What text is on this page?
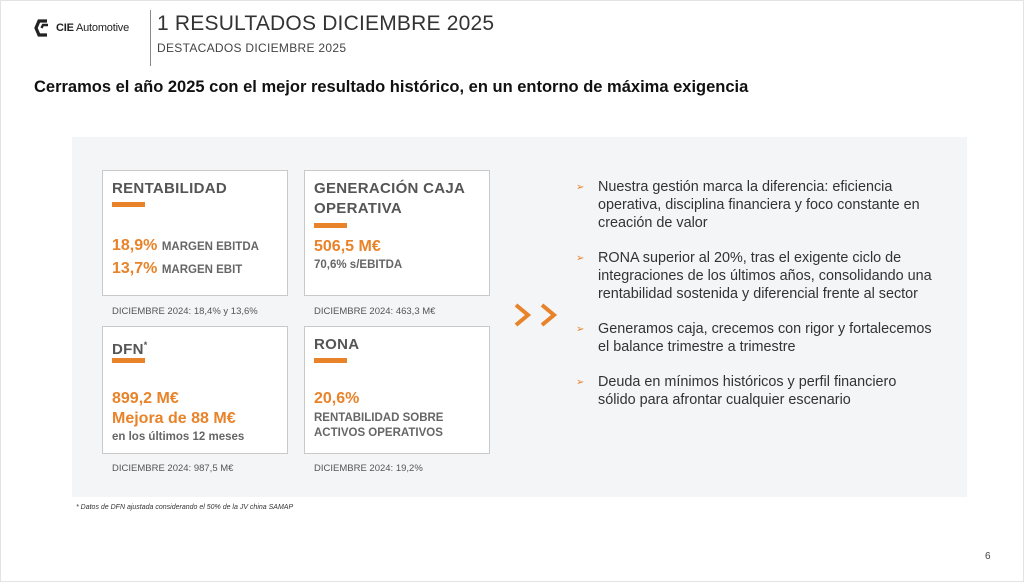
CIE Automotive 1 RESULTADOS DICIEMBRE 2025
DESTACADOS DICIEMBRE 2025
Cerramos el año 2025 con el mejor resultado histórico, en un entorno de máxima exigencia
RENTABILIDAD
18,9% MARGEN EBITDA
13,7% MARGEN EBIT
DICIEMBRE 2024: 18,4% y 13,6%
GENERACIÓN CAJA
OPERATIVA
506,5 M€
70,6% s/EBITDA
DICIEMBRE 2024: 463,3 M€
DFN*
899,2 M€
Mejora de 88 M€
en los últimos 12 meses
DICIEMBRE 2024: 987,5 M€
RONA
20,6%
RENTABILIDAD SOBRE
ACTIVOS OPERATIVOS
DICIEMBRE 2024: 19,2%
➢ Nuestra gestión marca la diferencia: eficiencia operativa, disciplina financiera y foco constante en creación de valor
➢ RONA superior al 20%, tras el exigente ciclo de integraciones de los últimos años, consolidando una rentabilidad sostenida y diferencial frente al sector
➢ Generamos caja, crecemos con rigor y fortalecemos el balance trimestre a trimestre
➢ Deuda en mínimos históricos y perfil financiero sólido para afrontar cualquier escenario
* Datos de DFN ajustada considerando el 50% de la JV china SAMAP
6
